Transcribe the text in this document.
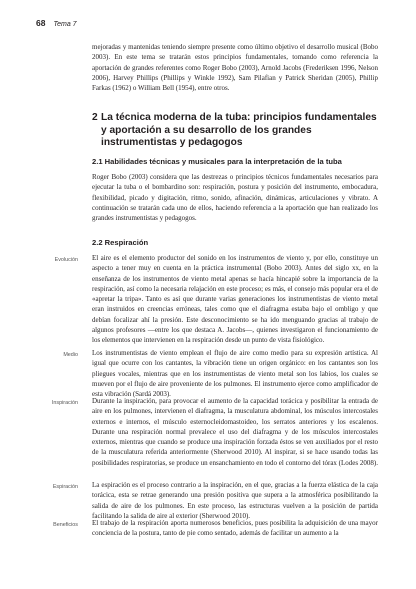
68 Tema 7

mejoradas y mantenidas teniendo siempre presente como último objetivo el desarrollo musical (Bobo 2003). En este tema se tratarán estos principios fundamentales, tomando como referencia la aportación de grandes referentes como Roger Bobo (2003), Arnold Jacobs (Frederiksen 1996, Nelson 2006), Harvey Phillips (Phillips y Winkle 1992), Sam Pilafian y Patrick Sheridan (2005), Phillip Farkas (1962) o William Bell (1954), entre otros.

2 La técnica moderna de la tuba: principios fundamentales y aportación a su desarrollo de los grandes instrumentistas y pedagogos
2.1 Habilidades técnicas y musicales para la interpretación de la tuba

Roger Bobo (2003) considera que las destrezas o principios técnicos fundamentales necesarios para ejecutar la tuba o el bombardino son: respiración, postura y posición del instrumento, embocadura, flexibilidad, picado y digitación, ritmo, sonido, afinación, dinámicas, articulaciones y vibrato. A continuación se tratarán cada uno de ellos, haciendo referencia a la aportación que han realizado los grandes instrumentistas y pedagogos.

2.2 Respiración
Evolución El aire es el elemento productor del sonido en los instrumentos de viento y, por ello, constituye un aspecto a tener muy en cuenta en la práctica instrumental (Bobo 2003). Antes del siglo xx, en la enseñanza de los instrumentos de viento metal apenas se hacía hincapié sobre la importancia de la respiración, así como la necesaria relajación en este proceso; es más, el consejo más popular era el de «apretar la tripa». Tanto es así que durante varias generaciones los instrumentistas de viento metal eran instruidos en creencias erróneas, tales como que el diafragma estaba bajo el ombligo y que debían focalizar ahí la presión. Este desconocimiento se ha ido menguando gracias al trabajo de algunos profesores —entre los que destaca A. Jacobs—, quienes investigaron el funcionamiento de los elementos que intervienen en la respiración desde un punto de vista fisiológico.

Medio Los instrumentistas de viento emplean el flujo de aire como medio para su expresión artística. Al igual que ocurre con los cantantes, la vibración tiene un origen orgánico: en los cantantes son los pliegues vocales, mientras que en los instrumentistas de viento metal son los labios, los cuales se mueven por el flujo de aire proveniente de los pulmones. El instrumento ejerce como amplificador de esta vibración (Sardá 2003).

Inspiración Durante la inspiración, para provocar el aumento de la capacidad torácica y posibilitar la entrada de aire en los pulmones, intervienen el diafragma, la musculatura abdominal, los músculos intercostales externos e internos, el músculo esternocleidomastoideo, los serratos anteriores y los escalenos. Durante una respiración normal prevalece el uso del diafragma y de los músculos intercostales externos, mientras que cuando se produce una inspiración forzada éstos se ven auxiliados por el resto de la musculatura referida anteriormente (Sherwood 2010). Al inspirar, si se hace usando todas las posibilidades respiratorias, se produce un ensanchamiento en todo el contorno del tórax (Lodes 2008).

Espiración La espiración es el proceso contrario a la inspiración, en el que, gracias a la fuerza elástica de la caja torácica, esta se retrae generando una presión positiva que supera a la atmosférica posibilitando la salida de aire de los pulmones. En este proceso, las estructuras vuelven a la posición de partida facilitando la salida de aire al exterior (Sherwood 2010).

Beneficios El trabajo de la respiración aporta numerosos beneficios, pues posibilita la adquisición de una mayor conciencia de la postura, tanto de pie como sentado, además de facilitar un aumento a la
